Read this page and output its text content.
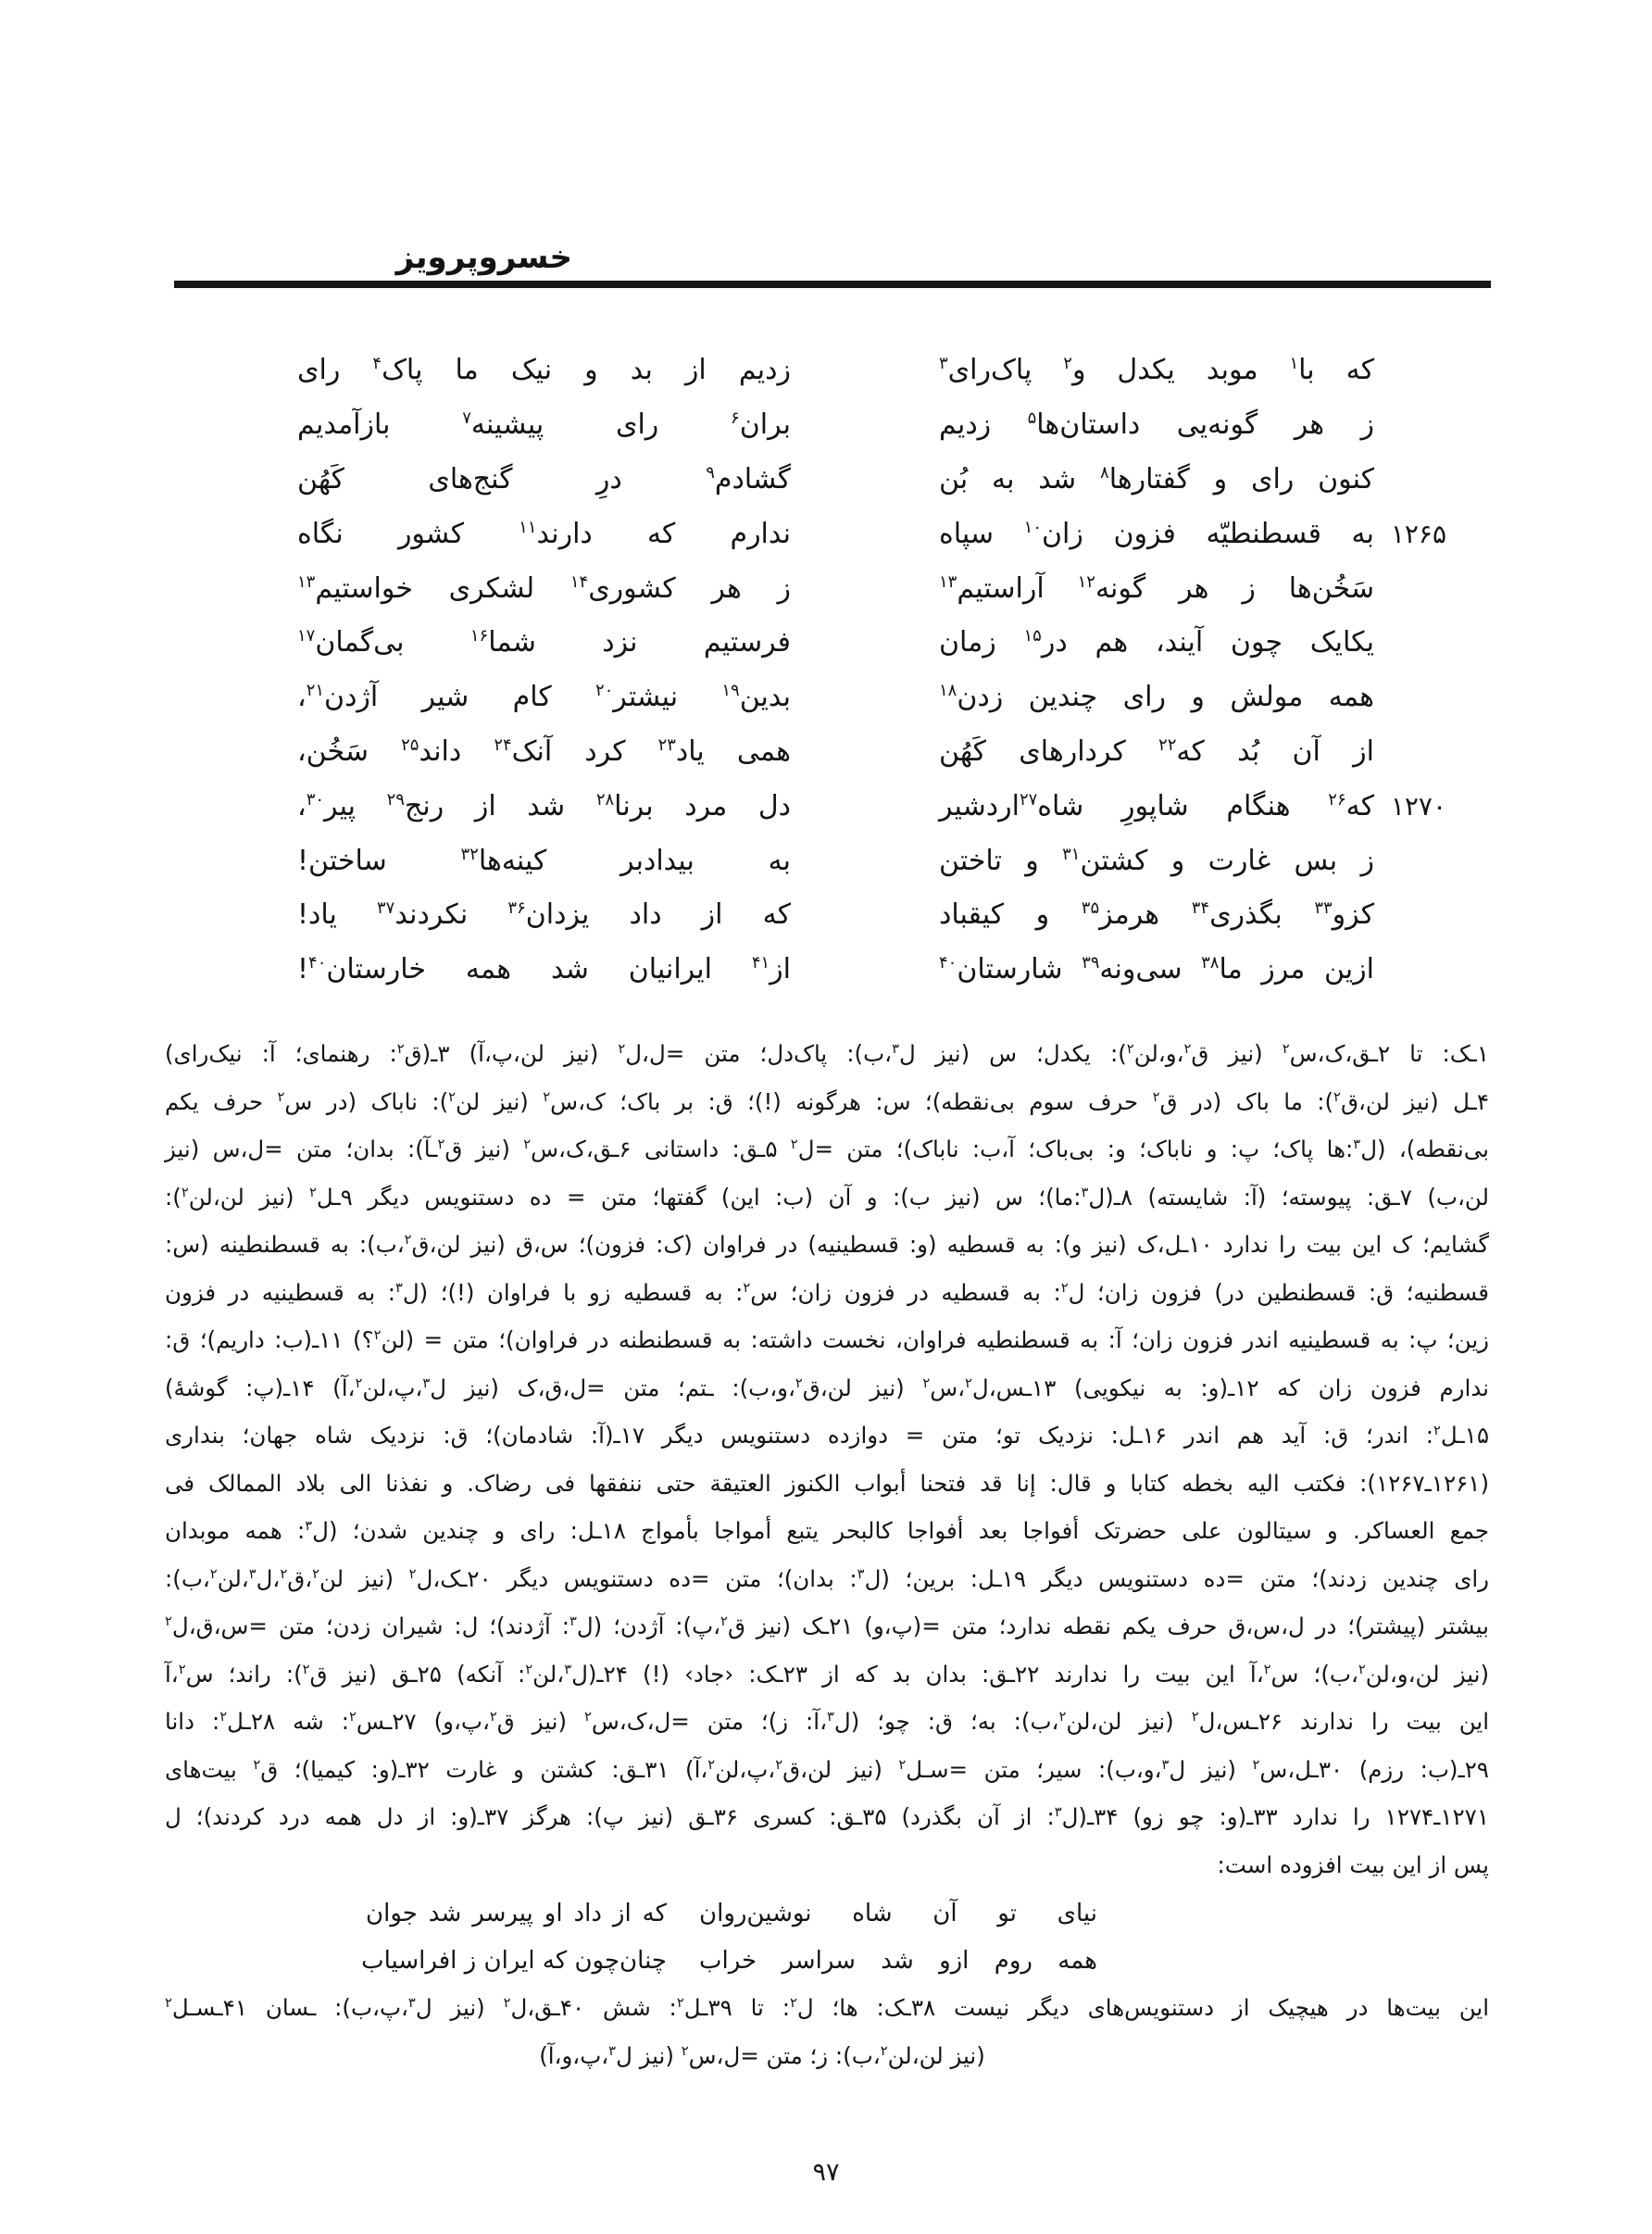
خسروپرویز
که با$^۱$ موبد یکدل و$^۲$ پاک‌رای$^۳$
زدیم از بد و نیک ما پاک$^۴$ رای
ز هر گونه‌یی داستان‌ها$^۵$ زدیم
بران$^۶$ رای پیشینه$^۷$ بازآمدیم
کنون رای و گفتارها$^۸$ شد به بُن
گشادم$^۹$ درِ گنج‌های کَهُن
۱۲۶۵
به قسطنطیّه فزون زان$^{۱۰}$ سپاه
ندارم که دارند$^{۱۱}$ کشور نگاه
سَخُن‌ها ز هر گونه$^{۱۲}$ آراستیم$^{۱۳}$
ز هر کشوری$^{۱۴}$ لشکری خواستیم$^{۱۳}$
یکایک چون آیند، هم در$^{۱۵}$ زمان
فرستیم نزد شما$^{۱۶}$ بی‌گمان$^{۱۷}$
همه مولش و رای چندین زدن$^{۱۸}$
بدین$^{۱۹}$ نیشتر$^{۲۰}$ کام شیر آژدن$^{۲۱}$،
از آن بُد که$^{۲۲}$ کردارهای کَهُن
همی یاد$^{۲۳}$ کرد آنک$^{۲۴}$ داند$^{۲۵}$ سَخُن،
۱۲۷۰
که$^{۲۶}$ هنگام شاپورِ شاه$^{۲۷}$اردشیر
دل مرد برنا$^{۲۸}$ شد از رنج$^{۲۹}$ پیر$^{۳۰}$،
ز بس غارت و کشتن$^{۳۱}$ و تاختن
به بیدادبر کینه‌ها$^{۳۲}$ ساختن!
کزو$^{۳۳}$ بگذری$^{۳۴}$ هرمز$^{۳۵}$ و کیقباد
که از داد یزدان$^{۳۶}$ نکردند$^{۳۷}$ یاد!
ازین مرز ما$^{۳۸}$ سی‌ونه$^{۳۹}$ شارستان$^{۴۰}$
از$^{۴۱}$ ایرانیان شد همه خارستان$^{۴۰}$!
۱ـک: تا ۲ـق،ک،س$^۲$ (نیز ق$^۲$،و،لن$^۲$): یکدل؛ س (نیز ل$^۳$،ب): پاک‌دل؛ متن =ل،ل$^۲$ (نیز لن،پ،آ) ۳ـ(ق$^۲$: رهنمای؛ آ: نیک‌رای)
۴ـل (نیز لن،ق$^۲$): ما باک (در ق$^۲$ حرف سوم بی‌نقطه)؛ س: هرگونه (!)؛ ق: بر باک؛ ک،س$^۲$ (نیز لن$^۲$): ناباک (در س$^۲$ حرف یکم
بی‌نقطه)، (ل$^۳$:ها پاک؛ پ: و ناباک؛ و: بی‌باک؛ آ،ب: ناباک)؛ متن =ل$^۲$ ۵ـق: داستانی ۶ـق،ک،س$^۲$ (نیز ق$^۲$ـآ): بدان؛ متن =ل،س (نیز
لن،ب) ۷ـق: پیوسته؛ (آ: شایسته) ۸ـ(ل$^۳$:ما)؛ س (نیز ب): و آن (ب: این) گفتها؛ متن = ده دستنویس دیگر ۹ـل$^۲$ (نیز لن،لن$^۲$):
گشایم؛ ک این بیت را ندارد ۱۰ـل،ک (نیز و): به قسطیه (و: قسطینیه) در فراوان (ک: فزون)؛ س،ق (نیز لن،ق$^۲$،ب): به قسطنطینه (س:
قسطنیه؛ ق: قسطنطین در) فزون زان؛ ل$^۲$: به قسطیه در فزون زان؛ س$^۲$: به قسطیه زو با فراوان (!)؛ (ل$^۳$: به قسطینیه در فزون
زین؛ پ: به قسطینیه اندر فزون زان؛ آ: به قسطنطیه فراوان، نخست داشته: به قسطنطنه در فراوان)؛ متن = (لن$^۲$؟) ۱۱ـ(ب: داریم)؛ ق:
ندارم فزون زان که ۱۲ـ(و: به نیکویی) ۱۳ـس،ل$^۲$،س$^۲$ (نیز لن،ق$^۲$،و،ب): ـتم؛ متن =ل،ق،ک (نیز ل$^۳$،پ،لن$^۲$،آ) ۱۴ـ(پ: گوشهٔ)
۱۵ـل$^۲$: اندر؛ ق: آید هم اندر ۱۶ـل: نزدیک تو؛ متن = دوازده دستنویس دیگر ۱۷ـ(آ: شادمان)؛ ق: نزدیک شاه جهان؛ بنداری
(۱۲۶۱ـ۱۲۶۷): فکتب الیه بخطه کتابا و قال: إنا قد فتحنا أبواب الکنوز العتیقة حتی ننفقها فی رضاک. و نفذنا الی بلاد الممالک فی
جمع العساکر. و سیتالون علی حضرتک أفواجا بعد أفواجا کالبحر یتبع أمواجا بأمواج ۱۸ـل: رای و چندین شدن؛ (ل$^۳$: همه موبدان
رای چندین زدند)؛ متن =ده دستنویس دیگر ۱۹ـل: برین؛ (ل$^۳$: بدان)؛ متن =ده دستنویس دیگر ۲۰ـک،ل$^۲$ (نیز لن$^۲$،ق$^۲$،ل$^۳$،لن$^۲$،ب):
بیشتر (پیشتر)؛ در ل،س،ق حرف یکم نقطه ندارد؛ متن =(پ،و) ۲۱ـک (نیز ق$^۲$،پ): آژدن؛ (ل$^۳$: آژدند)؛ ل: شیران زدن؛ متن =س،ق،ل$^۲$
(نیز لن،و،لن$^۲$،ب)؛ س$^۲$،آ این بیت را ندارند ۲۲ـق: بدان بد که از ۲۳ـک: ‹جاد› (!) ۲۴ـ(ل$^۳$،لن$^۲$: آنکه) ۲۵ـق (نیز ق$^۲$): راند؛ س$^۲$،آ
این بیت را ندارند ۲۶ـس،ل$^۲$ (نیز لن،لن$^۲$،ب): به؛ ق: چو؛ (ل$^۳$،آ: ز)؛ متن =ل،ک،س$^۲$ (نیز ق$^۲$،پ،و) ۲۷ـس$^۲$: شه ۲۸ـل$^۲$: دانا
۲۹ـ(ب: رزم) ۳۰ـل،س$^۲$ (نیز ل$^۳$،و،ب): سیر؛ متن =سـل$^۲$ (نیز لن،ق$^۲$،پ،لن$^۲$،آ) ۳۱ـق: کشتن و غارت ۳۲ـ(و: کیمیا)؛ ق$^۲$ بیت‌های
۱۲۷۱ـ۱۲۷۴ را ندارد ۳۳ـ(و: چو زو) ۳۴ـ(ل$^۳$: از آن بگذرد) ۳۵ـق: کسری ۳۶ـق (نیز پ): هرگز ۳۷ـ(و: از دل همه درد کردند)؛ ل
پس از این بیت افزوده است:
نیای تو آن شاه نوشین‌روان
که از داد او پیرسر شد جوان
همه روم ازو شد سراسر خراب
چنان‌چون که ایران ز افراسیاب
این بیت‌ها در هیچیک از دستنویس‌های دیگر نیست ۳۸ـک: ها؛ ل$^۲$: تا ۳۹ـل$^۲$: شش ۴۰ـق،ل$^۲$ (نیز ل$^۳$،پ،ب): ـسان ۴۱ـسـل$^۲$
(نیز لن،لن$^۲$،ب): ز؛ متن =ل،س$^۲$ (نیز ل$^۳$،پ،و،آ)
۹۷
